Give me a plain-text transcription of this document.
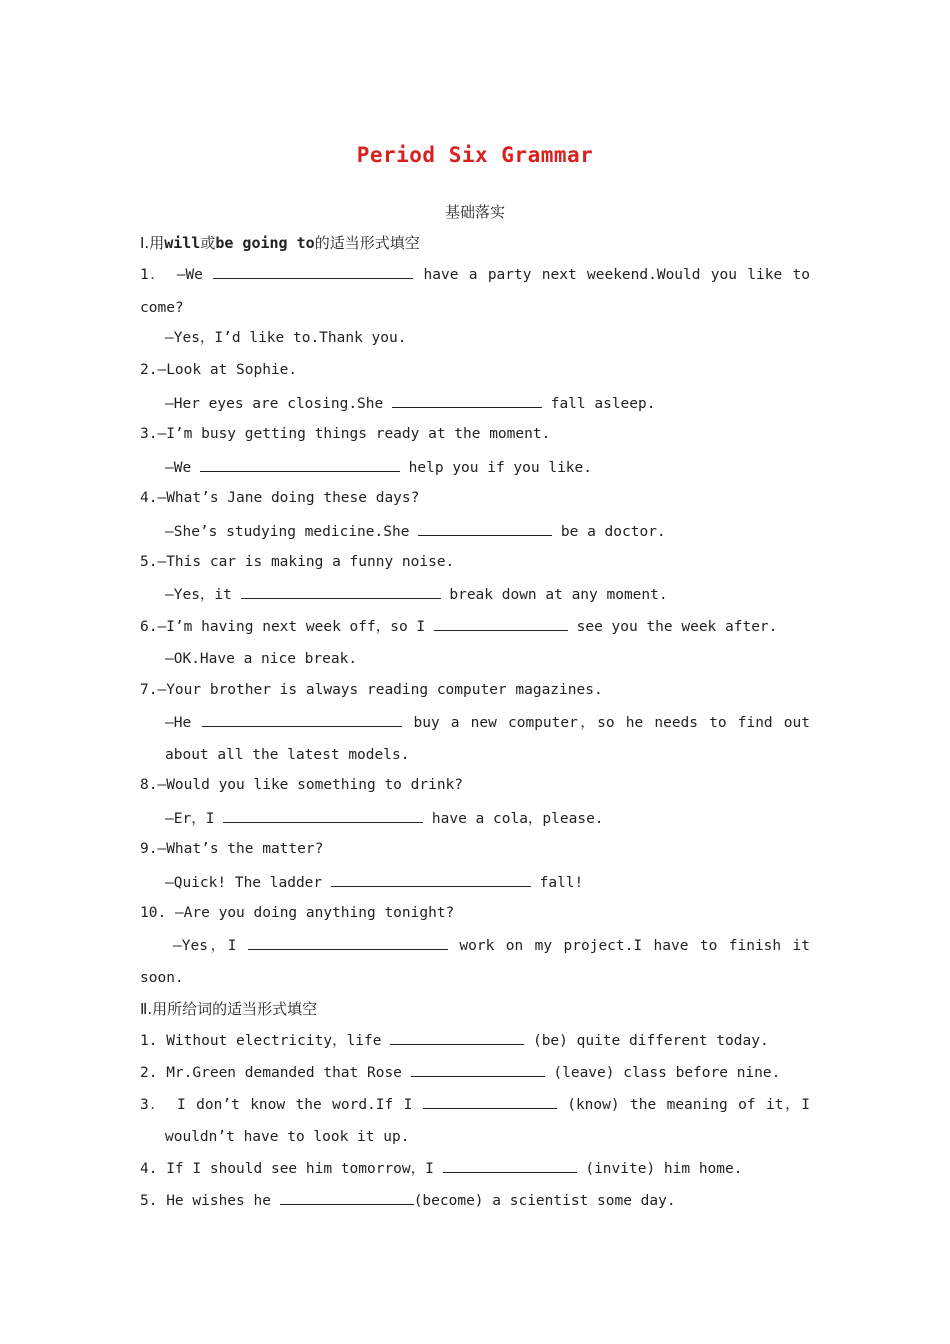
Period Six Grammar
基础落实
Ⅰ.用will或be going to的适当形式填空
1． —We	have a party next weekend.Would you like to
come?
—Yes，I’d like to.Thank you.
2.—Look at Sophie.
—Her eyes are closing.She	fall asleep.
3.—I’m busy getting things ready at the moment.
—We	help you if you like.
4.—What’s Jane doing these days?
—She’s studying medicine.She	be a doctor.
5.—This car is making a funny noise.
—Yes，it	break down at any moment.
6.—I’m having next week off，so I	see you the week after.
—OK.Have a nice break.
7.—Your brother is always reading computer magazines.
—He	buy a new computer，so he needs to find out
about all the latest models.
8.—Would you like something to drink?
—Er，I	have a cola，please.
9.—What’s the matter?
—Quick! The ladder	fall!
10. —Are you doing anything tonight?
—Yes，I	work on my project.I have to finish it
soon.
Ⅱ.用所给词的适当形式填空
1. Without electricity，life	(be) quite different today.
2. Mr.Green demanded that Rose	(leave) class before nine.
3． I don’t know the word.If I	(know) the meaning of it，I
wouldn’t have to look it up.
4. If I should see him tomorrow，I	(invite) him home.
5. He wishes he	(become) a scientist some day.
